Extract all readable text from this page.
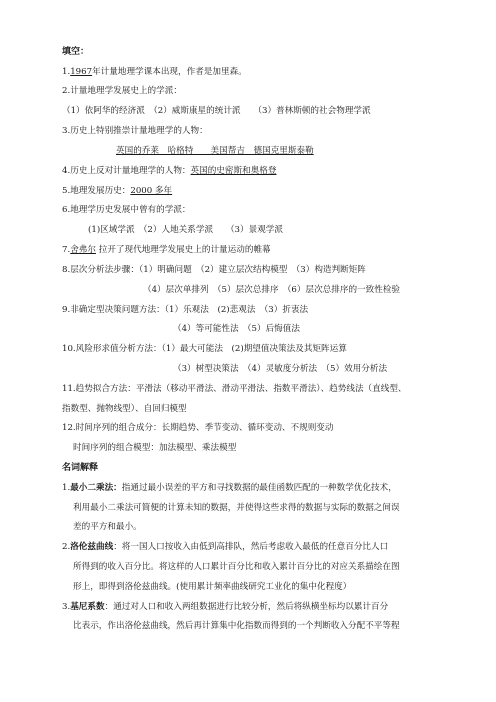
填空：
1.1967年计量地理学课本出现，作者是加里森。
2.计量地理学发展史上的学派：
（1）依阿华的经济派　（2）威斯康星的统计派　　（3）普林斯顿的社会物理学派
3.历史上特别推崇计量地理学的人物：
英国的乔莱　哈格特　　美国帮吉　德国克里斯泰勒
4.历史上反对计量地理学的人物：英国的史密斯和奥格登
5.地理发展历史：2000 多年
6.地理学历史发展中曾有的学派：
(1)区域学派　（2）人地关系学派　　（3）景观学派
7.舍弗尔 拉开了现代地理学发展史上的计量运动的帷幕
8.层次分析法步骤：（1）明确问题　（2）建立层次结构模型　（3）构造判断矩阵
（4）层次单排列　（5）层次总排序　（6）层次总排序的一致性检验
9.非确定型决策问题方法：（1）乐观法　(2)悲观法　（3）折衷法
（4）等可能性法　（5）后悔值法
10.风险形求值分析方法：（1）最大可能法　(2)期望值决策法及其矩阵运算
（3）树型决策法　（4）灵敏度分析法　（5）效用分析法
11.趋势拟合方法：平滑法（移动平滑法、滑动平滑法、指数平滑法）、趋势线法（直线型、
指数型、抛物线型）、自回归模型
12.时间序列的组合成分：长期趋势、季节变动、循环变动、不规则变动
时间序列的组合模型：加法模型、乘法模型
名词解释
1.最小二乘法：指通过最小误差的平方和寻找数据的最佳函数匹配的一种数学优化技术，
利用最小二乘法可简便的计算未知的数据，并使得这些求得的数据与实际的数据之间误
差的平方和最小。
2.洛伦兹曲线：将一国人口按收入由低到高排队，然后考虑收入最低的任意百分比人口
所得到的收入百分比。将这样的人口累计百分比和收入累计百分比的对应关系描绘在图
形上，即得到洛伦兹曲线。(使用累计频率曲线研究工业化的集中化程度）
3.基尼系数：通过对人口和收入两组数据进行比较分析，然后将纵横坐标均以累计百分
比表示，作出洛伦兹曲线，然后再计算集中化指数而得到的一个判断收入分配不平等程
